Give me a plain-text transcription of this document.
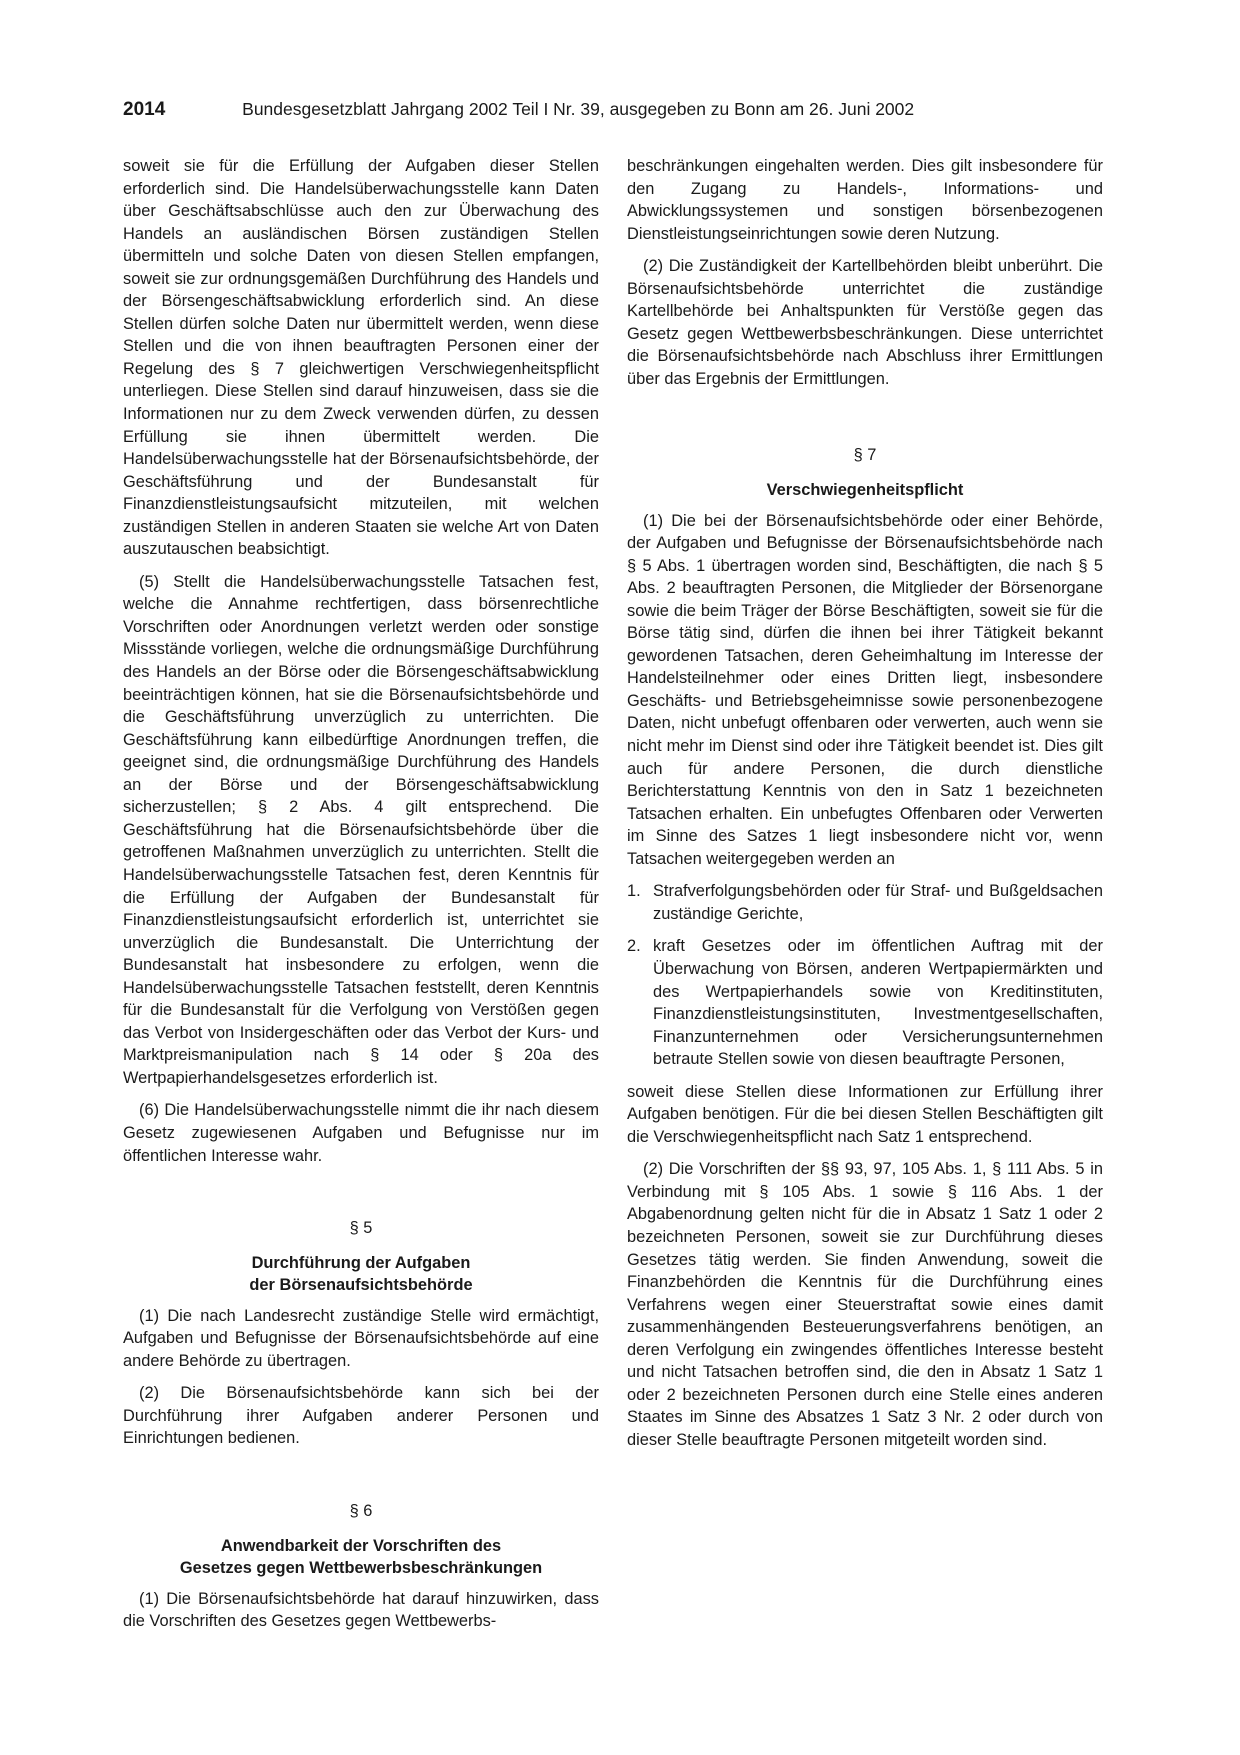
2014	Bundesgesetzblatt Jahrgang 2002 Teil I Nr. 39, ausgegeben zu Bonn am 26. Juni 2002

soweit sie für die Erfüllung der Aufgaben dieser Stellen erforderlich sind. Die Handelsüberwachungsstelle kann Daten über Geschäftsabschlüsse auch den zur Überwachung des Handels an ausländischen Börsen zuständigen Stellen übermitteln und solche Daten von diesen Stellen empfangen, soweit sie zur ordnungsgemäßen Durchführung des Handels und der Börsengeschäftsabwicklung erforderlich sind. An diese Stellen dürfen solche Daten nur übermittelt werden, wenn diese Stellen und die von ihnen beauftragten Personen einer der Regelung des § 7 gleichwertigen Verschwiegenheitspflicht unterliegen. Diese Stellen sind darauf hinzuweisen, dass sie die Informationen nur zu dem Zweck verwenden dürfen, zu dessen Erfüllung sie ihnen übermittelt werden. Die Handelsüberwachungsstelle hat der Börsenaufsichtsbehörde, der Geschäftsführung und der Bundesanstalt für Finanzdienstleistungsaufsicht mitzuteilen, mit welchen zuständigen Stellen in anderen Staaten sie welche Art von Daten auszutauschen beabsichtigt.

(5) Stellt die Handelsüberwachungsstelle Tatsachen fest, welche die Annahme rechtfertigen, dass börsenrechtliche Vorschriften oder Anordnungen verletzt werden oder sonstige Missstände vorliegen, welche die ordnungsmäßige Durchführung des Handels an der Börse oder die Börsengeschäftsabwicklung beeinträchtigen können, hat sie die Börsenaufsichtsbehörde und die Geschäftsführung unverzüglich zu unterrichten. Die Geschäftsführung kann eilbedürftige Anordnungen treffen, die geeignet sind, die ordnungsmäßige Durchführung des Handels an der Börse und der Börsengeschäftsabwicklung sicherzustellen; § 2 Abs. 4 gilt entsprechend. Die Geschäftsführung hat die Börsenaufsichtsbehörde über die getroffenen Maßnahmen unverzüglich zu unterrichten. Stellt die Handelsüberwachungsstelle Tatsachen fest, deren Kenntnis für die Erfüllung der Aufgaben der Bundesanstalt für Finanzdienstleistungsaufsicht erforderlich ist, unterrichtet sie unverzüglich die Bundesanstalt. Die Unterrichtung der Bundesanstalt hat insbesondere zu erfolgen, wenn die Handelsüberwachungsstelle Tatsachen feststellt, deren Kenntnis für die Bundesanstalt für die Verfolgung von Verstößen gegen das Verbot von Insidergeschäften oder das Verbot der Kurs- und Marktpreismanipulation nach § 14 oder § 20a des Wertpapierhandelsgesetzes erforderlich ist.

(6) Die Handelsüberwachungsstelle nimmt die ihr nach diesem Gesetz zugewiesenen Aufgaben und Befugnisse nur im öffentlichen Interesse wahr.

§ 5
Durchführung der Aufgaben
der Börsenaufsichtsbehörde

(1) Die nach Landesrecht zuständige Stelle wird ermächtigt, Aufgaben und Befugnisse der Börsenaufsichtsbehörde auf eine andere Behörde zu übertragen.

(2) Die Börsenaufsichtsbehörde kann sich bei der Durchführung ihrer Aufgaben anderer Personen und Einrichtungen bedienen.

§ 6
Anwendbarkeit der Vorschriften des
Gesetzes gegen Wettbewerbsbeschränkungen

(1) Die Börsenaufsichtsbehörde hat darauf hinzuwirken, dass die Vorschriften des Gesetzes gegen Wettbewerbs-

beschränkungen eingehalten werden. Dies gilt insbesondere für den Zugang zu Handels-, Informations- und Abwicklungssystemen und sonstigen börsenbezogenen Dienstleistungseinrichtungen sowie deren Nutzung.

(2) Die Zuständigkeit der Kartellbehörden bleibt unberührt. Die Börsenaufsichtsbehörde unterrichtet die zuständige Kartellbehörde bei Anhaltspunkten für Verstöße gegen das Gesetz gegen Wettbewerbsbeschränkungen. Diese unterrichtet die Börsenaufsichtsbehörde nach Abschluss ihrer Ermittlungen über das Ergebnis der Ermittlungen.

§ 7
Verschwiegenheitspflicht

(1) Die bei der Börsenaufsichtsbehörde oder einer Behörde, der Aufgaben und Befugnisse der Börsenaufsichtsbehörde nach § 5 Abs. 1 übertragen worden sind, Beschäftigten, die nach § 5 Abs. 2 beauftragten Personen, die Mitglieder der Börsenorgane sowie die beim Träger der Börse Beschäftigten, soweit sie für die Börse tätig sind, dürfen die ihnen bei ihrer Tätigkeit bekannt gewordenen Tatsachen, deren Geheimhaltung im Interesse der Handelsteilnehmer oder eines Dritten liegt, insbesondere Geschäfts- und Betriebsgeheimnisse sowie personenbezogene Daten, nicht unbefugt offenbaren oder verwerten, auch wenn sie nicht mehr im Dienst sind oder ihre Tätigkeit beendet ist. Dies gilt auch für andere Personen, die durch dienstliche Berichterstattung Kenntnis von den in Satz 1 bezeichneten Tatsachen erhalten. Ein unbefugtes Offenbaren oder Verwerten im Sinne des Satzes 1 liegt insbesondere nicht vor, wenn Tatsachen weitergegeben werden an

1. Strafverfolgungsbehörden oder für Straf- und Bußgeldsachen zuständige Gerichte,
2. kraft Gesetzes oder im öffentlichen Auftrag mit der Überwachung von Börsen, anderen Wertpapiermärkten und des Wertpapierhandels sowie von Kreditinstituten, Finanzdienstleistungsinstituten, Investmentgesellschaften, Finanzunternehmen oder Versicherungsunternehmen betraute Stellen sowie von diesen beauftragte Personen,

soweit diese Stellen diese Informationen zur Erfüllung ihrer Aufgaben benötigen. Für die bei diesen Stellen Beschäftigten gilt die Verschwiegenheitspflicht nach Satz 1 entsprechend.

(2) Die Vorschriften der §§ 93, 97, 105 Abs. 1, § 111 Abs. 5 in Verbindung mit § 105 Abs. 1 sowie § 116 Abs. 1 der Abgabenordnung gelten nicht für die in Absatz 1 Satz 1 oder 2 bezeichneten Personen, soweit sie zur Durchführung dieses Gesetzes tätig werden. Sie finden Anwendung, soweit die Finanzbehörden die Kenntnis für die Durchführung eines Verfahrens wegen einer Steuerstraftat sowie eines damit zusammenhängenden Besteuerungsverfahrens benötigen, an deren Verfolgung ein zwingendes öffentliches Interesse besteht und nicht Tatsachen betroffen sind, die den in Absatz 1 Satz 1 oder 2 bezeichneten Personen durch eine Stelle eines anderen Staates im Sinne des Absatzes 1 Satz 3 Nr. 2 oder durch von dieser Stelle beauftragte Personen mitgeteilt worden sind.
